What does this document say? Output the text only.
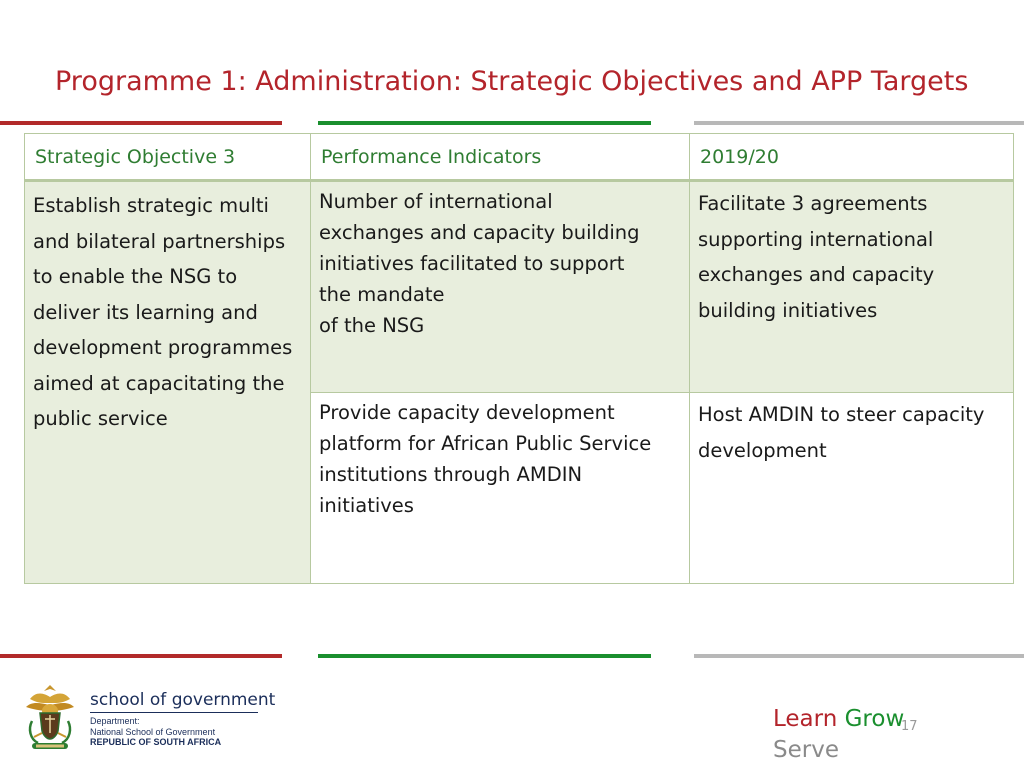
Programme 1: Administration: Strategic Objectives and APP Targets
Strategic Objective 3	Performance Indicators	2019/20
Establish strategic multi and bilateral partnerships to enable the NSG to deliver its learning and development programmes aimed at capacitating the public service	Number of international
exchanges and capacity building
initiatives facilitated to support
the mandate
of the NSG	Facilitate 3 agreements supporting international exchanges and capacity building initiatives

	Provide capacity development
platform for African Public Service
institutions through AMDIN
initiatives	Host AMDIN to steer capacity development
school of government
Department:
National School of Government
REPUBLIC OF SOUTH AFRICA
Learn Grow
Serve
17
